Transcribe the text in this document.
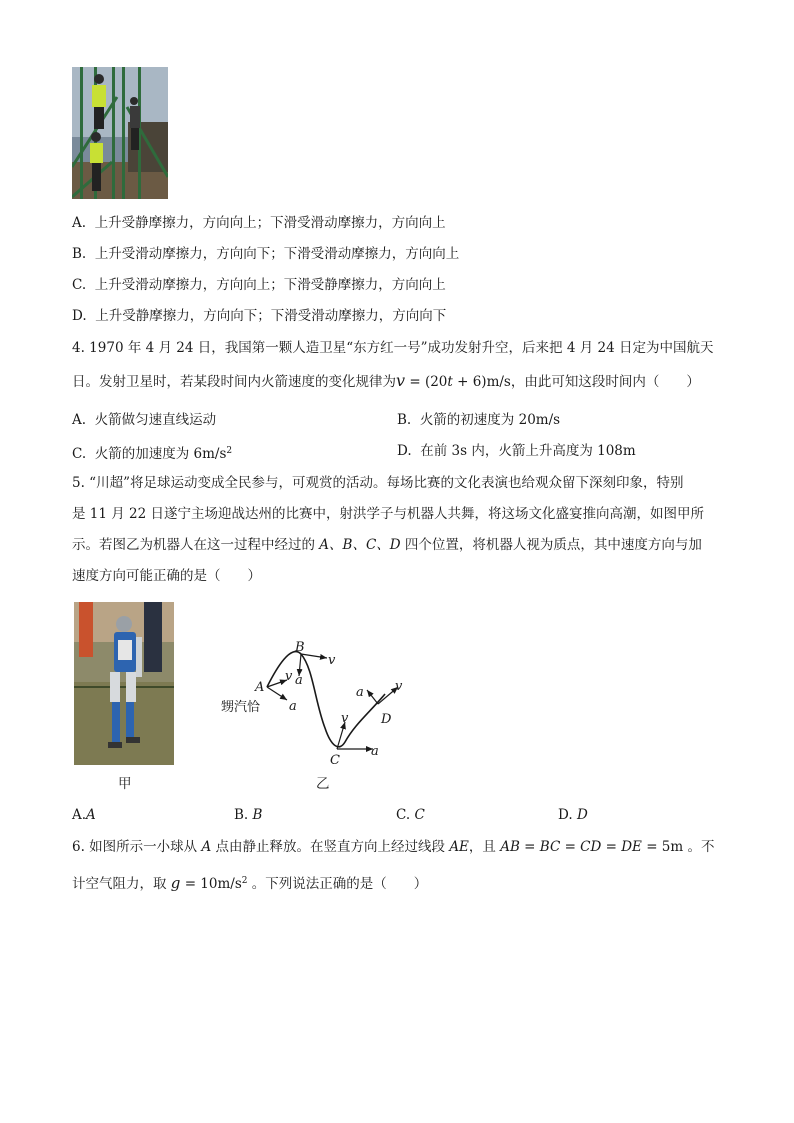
A. 上升受静摩擦力，方向向上；下滑受滑动摩擦力，方向向上
B. 上升受滑动摩擦力，方向向下；下滑受滑动摩擦力，方向向上
C. 上升受滑动摩擦力，方向向上；下滑受静摩擦力，方向向上
D. 上升受静摩擦力，方向向下；下滑受滑动摩擦力，方向向下
4. 1970 年 4 月 24 日，我国第一颗人造卫星“东方红一号”成功发射升空，后来把 4 月 24 日定为中国航天
日。发射卫星时，若某段时间内火箭速度的变化规律为v = (20t + 6)m/s，由此可知这段时间内（　　）
A. 火箭做匀速直线运动	B. 火箭的初速度为 20m/s
C. 火箭的加速度为 $6m/s^2$	D. 在前 3s 内，火箭上升高度为 108m
5. “川超”将足球运动变成全民参与，可观赏的活动。每场比赛的文化表演也给观众留下深刻印象，特别
是 11 月 22 日遂宁主场迎战达州的比赛中，射洪学子与机器人共舞，将这场文化盛宴推向高潮，如图甲所
示。若图乙为机器人在这一过程中经过的 A、B、C、D 四个位置，将机器人视为质点，其中速度方向与加
速度方向可能正确的是（　　）
甲
A
v
a
B
v
a
C
v
a
D
v
a
甥汽恰
乙
A.A	B. B	C. C	D. D
6. 如图所示一小球从 A 点由静止释放。在竖直方向上经过线段 AE，且 AB = BC = CD = DE = 5m 。不
计空气阻力，取 $g = 10m/s^2$ 。下列说法正确的是（　　）
